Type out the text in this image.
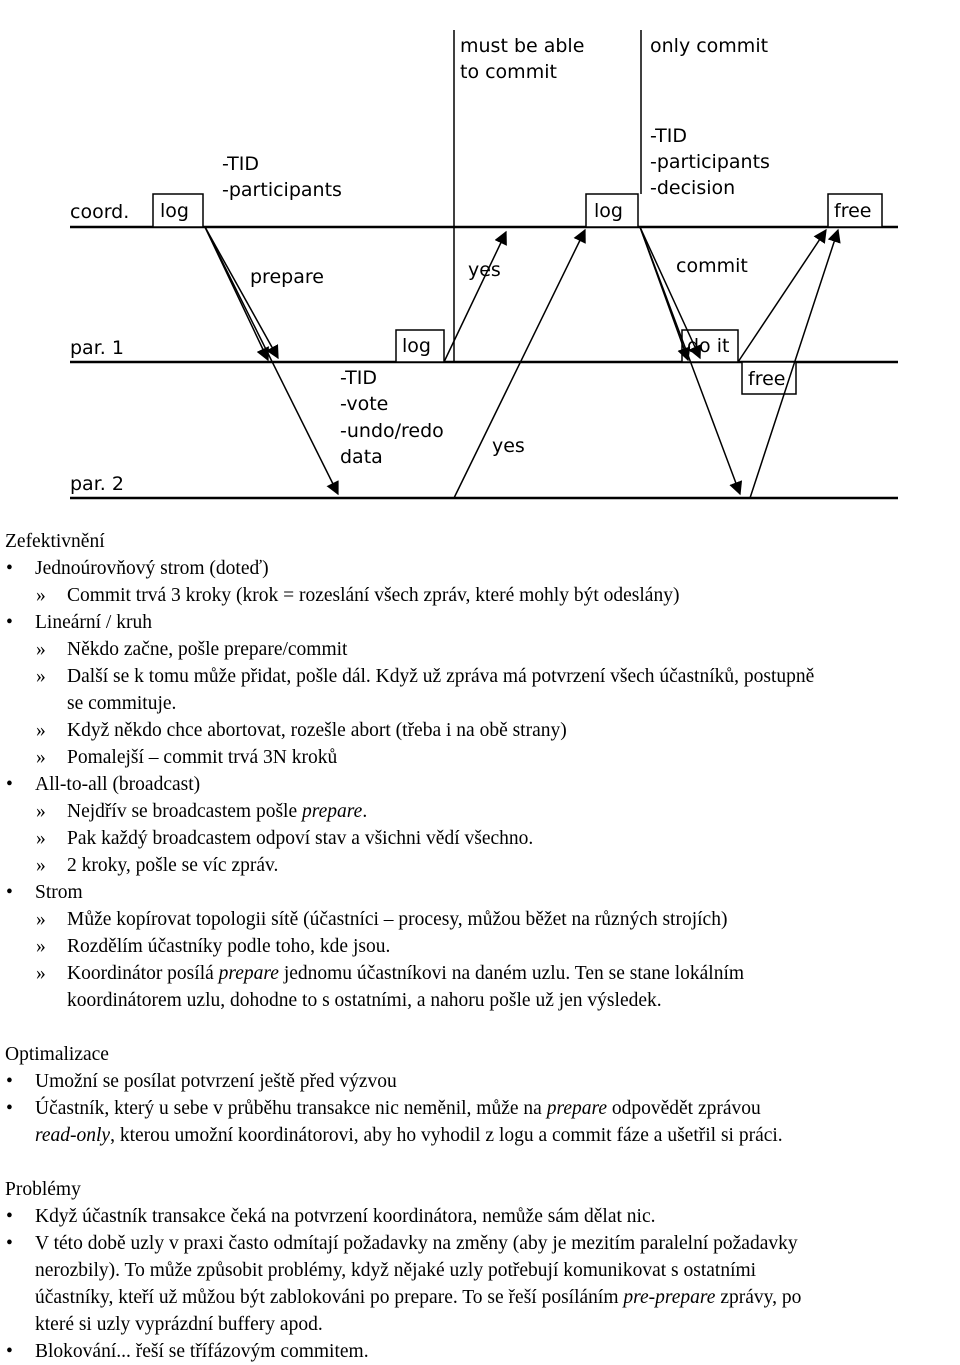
coord.
par. 1
par. 2
log	log	free
log	do it
free
must be able
to commit
only commit
-TID
-participants
-TID
-participants
-decision
-TID
-vote
-undo/redo
data
prepare	yes
yes
commit
Zefektivnění
• Jednoúrovňový strom (doteď)
» Commit trvá 3 kroky (krok = rozeslání všech zpráv, které mohly být odeslány)
• Lineární / kruh
» Někdo začne, pošle prepare/commit
» Další se k tomu může přidat, pošle dál. Když už zpráva má potvrzení všech účastníků, postupně
se commituje.
» Když někdo chce abortovat, rozešle abort (třeba i na obě strany)
» Pomalejší – commit trvá 3N kroků
• All-to-all (broadcast)
» Nejdřív se broadcastem pošle prepare.
» Pak každý broadcastem odpoví stav a všichni vědí všechno.
» 2 kroky, pošle se víc zpráv.
• Strom
» Může kopírovat topologii sítě (účastníci – procesy, můžou běžet na různých strojích)
» Rozdělím účastníky podle toho, kde jsou.
» Koordinátor posílá prepare jednomu účastníkovi na daném uzlu. Ten se stane lokálním
koordinátorem uzlu, dohodne to s ostatními, a nahoru pošle už jen výsledek.
Optimalizace
• Umožní se posílat potvrzení ještě před výzvou
• Účastník, který u sebe v průběhu transakce nic neměnil, může na prepare odpovědět zprávou
read-only, kterou umožní koordinátorovi, aby ho vyhodil z logu a commit fáze a ušetřil si práci.
Problémy
• Když účastník transakce čeká na potvrzení koordinátora, nemůže sám dělat nic.
• V této době uzly v praxi často odmítají požadavky na změny (aby je mezitím paralelní požadavky
nerozbily). To může způsobit problémy, když nějaké uzly potřebují komunikovat s ostatními
účastníky, kteří už můžou být zablokováni po prepare. To se řeší posíláním pre-prepare zprávy, po
které si uzly vyprázdní buffery apod.
• Blokování... řeší se třífázovým commitem.
